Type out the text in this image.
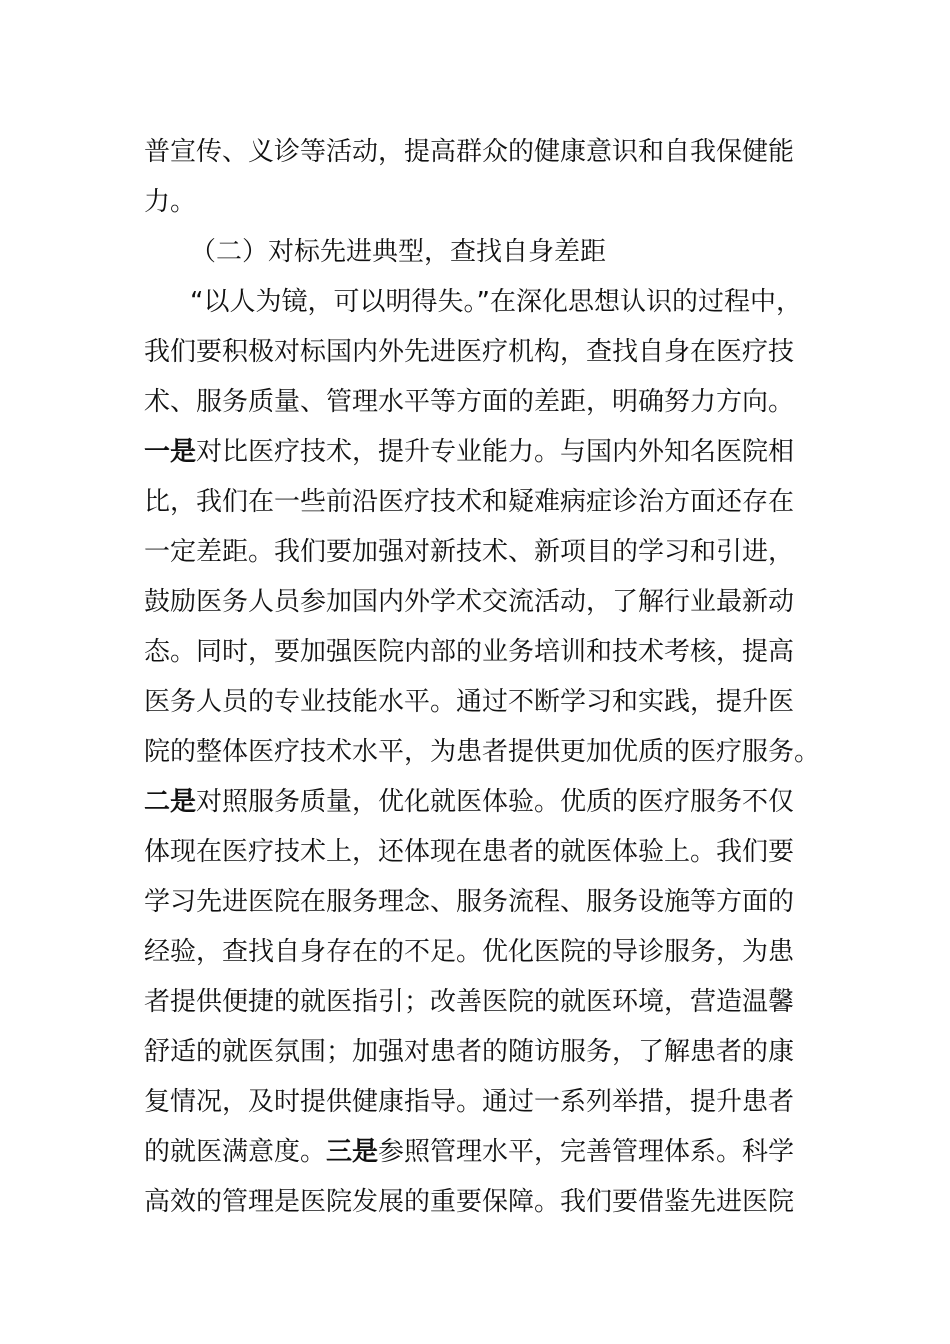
普宣传、义诊等活动，提高群众的健康意识和自我保健能
力。
（二）对标先进典型，查找自身差距
“以人为镜，可以明得失。”在深化思想认识的过程中，
我们要积极对标国内外先进医疗机构，查找自身在医疗技
术、服务质量、管理水平等方面的差距，明确努力方向。
一是对比医疗技术，提升专业能力。与国内外知名医院相
比，我们在一些前沿医疗技术和疑难病症诊治方面还存在
一定差距。我们要加强对新技术、新项目的学习和引进，
鼓励医务人员参加国内外学术交流活动，了解行业最新动
态。同时，要加强医院内部的业务培训和技术考核，提高
医务人员的专业技能水平。通过不断学习和实践，提升医
院的整体医疗技术水平，为患者提供更加优质的医疗服务。
二是对照服务质量，优化就医体验。优质的医疗服务不仅
体现在医疗技术上，还体现在患者的就医体验上。我们要
学习先进医院在服务理念、服务流程、服务设施等方面的
经验，查找自身存在的不足。优化医院的导诊服务，为患
者提供便捷的就医指引；改善医院的就医环境，营造温馨
舒适的就医氛围；加强对患者的随访服务，了解患者的康
复情况，及时提供健康指导。通过一系列举措，提升患者
的就医满意度。三是参照管理水平，完善管理体系。科学
高效的管理是医院发展的重要保障。我们要借鉴先进医院
